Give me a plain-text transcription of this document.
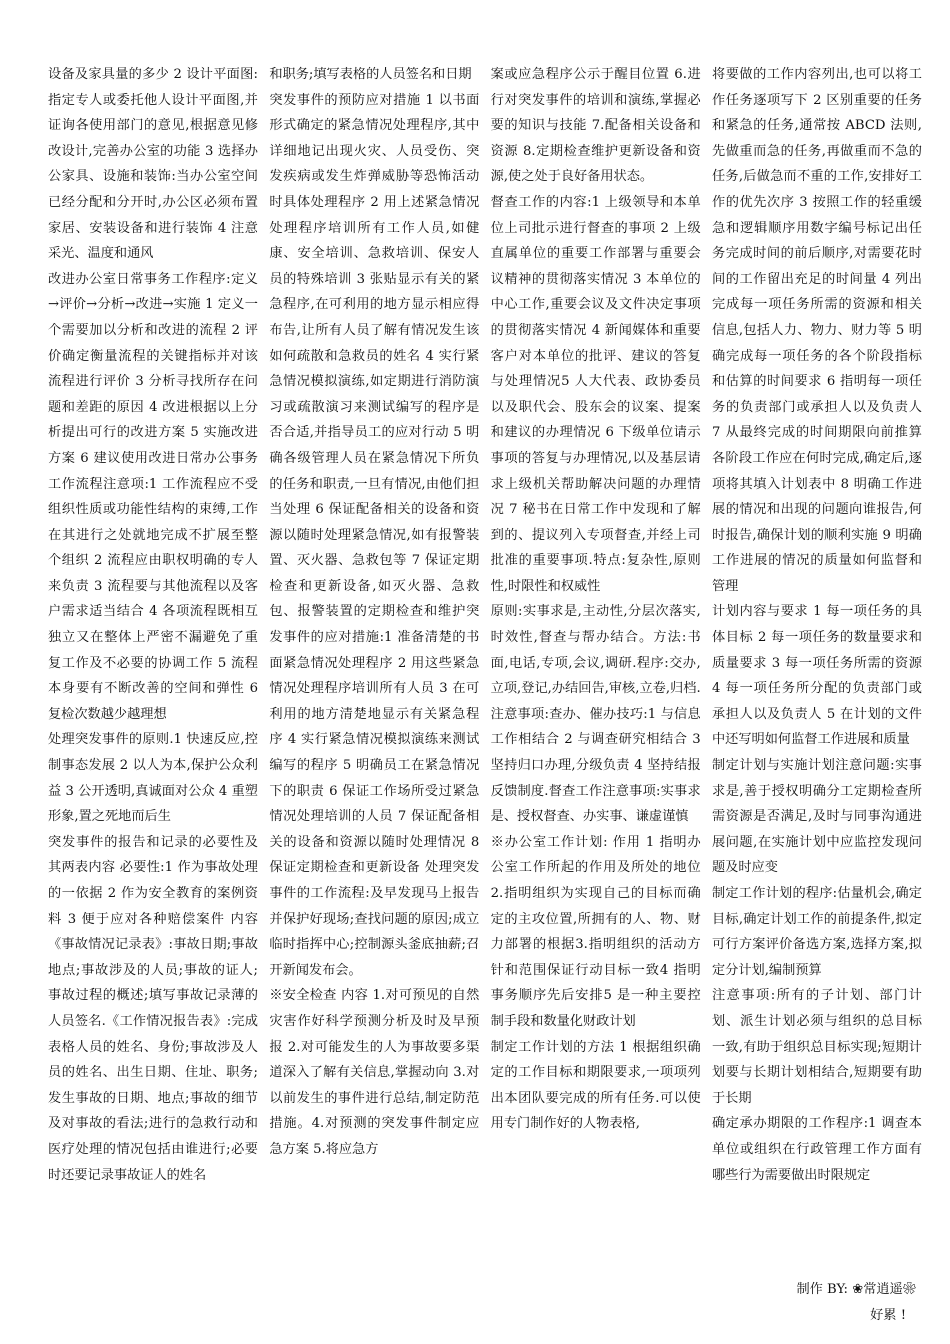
设备及家具量的多少 2 设计平面图:指定专人或委托他人设计平面图,并证询各使用部门的意见,根据意见修改设计,完善办公室的功能 3 选择办公家具、设施和装饰:当办公室空间已经分配和分开时,办公区必须布置家居、安装设备和进行装饰 4 注意采光、温度和通风

改进办公室日常事务工作程序:定义→评价→分析→改进→实施 1 定义一个需要加以分析和改进的流程 2 评价确定衡量流程的关键指标并对该流程进行评价 3 分析寻找所存在问题和差距的原因 4 改进根据以上分析提出可行的改进方案 5 实施改进方案 6 建议使用改进日常办公事务工作流程注意项:1 工作流程应不受组织性质或功能性结构的束缚,工作在其进行之处就地完成不扩展至整个组织 2 流程应由职权明确的专人来负责 3 流程要与其他流程以及客户需求适当结合 4 各项流程既相互独立又在整体上严密不漏避免了重复工作及不必要的协调工作 5 流程本身要有不断改善的空间和弹性 6 复检次数越少越理想

处理突发事件的原则.1 快速反应,控制事态发展 2 以人为本,保护公众利益 3 公开透明,真诚面对公众 4 重塑形象,置之死地而后生

突发事件的报告和记录的必要性及其两表内容 必要性:1 作为事故处理的一依据 2 作为安全教育的案例资料 3 便于应对各种赔偿案件 内容《事故情况记录表》:事故日期;事故地点;事故涉及的人员;事故的证人;事故过程的概述;填写事故记录薄的人员签名.《工作情况报告表》:完成表格人员的姓名、身份;事故涉及人员的姓名、出生日期、住址、职务;发生事故的日期、地点;事故的细节及对事故的看法;进行的急救行动和医疗处理的情况包括由谁进行;必要时还要记录事故证人的姓名

和职务;填写表格的人员签名和日期

突发事件的预防应对措施 1 以书面形式确定的紧急情况处理程序,其中详细地记出现火灾、人员受伤、突发疾病或发生炸弹威胁等恐怖活动时具体处理程序 2 用上述紧急情况处理程序培训所有工作人员,如健康、安全培训、急救培训、保安人员的特殊培训 3 张贴显示有关的紧急程序,在可利用的地方显示相应得布告,让所有人员了解有情况发生该如何疏散和急救员的姓名 4 实行紧急情况模拟演练,如定期进行消防演习或疏散演习来测试编写的程序是否合适,并指导员工的应对行动 5 明确各级管理人员在紧急情况下所负的任务和职责,一旦有情况,由他们担当处理 6 保证配备相关的设备和资源以随时处理紧急情况,如有报警装置、灭火器、急救包等 7 保证定期检查和更新设备,如灭火器、急救包、报警装置的定期检查和维护突发事件的应对措施:1 准备清楚的书面紧急情况处理程序 2 用这些紧急情况处理程序培训所有人员 3 在可利用的地方清楚地显示有关紧急程序 4 实行紧急情况模拟演练来测试编写的程序 5 明确员工在紧急情况下的职责 6 保证工作场所受过紧急情况处理培训的人员 7 保证配备相关的设备和资源以随时处理情况 8 保证定期检查和更新设备 处理突发事件的工作流程:及早发现马上报告并保护好现场;查找问题的原因;成立临时指挥中心;控制源头釜底抽薪;召开新闻发布会。

※安全检查 内容 1.对可预见的自然灾害作好科学预测分析及时及早预报 2.对可能发生的人为事故要多渠道深入了解有关信息,掌握动向 3.对以前发生的事件进行总结,制定防范措施。4.对预测的突发事件制定应急方案 5.将应急方

案或应急程序公示于醒目位置 6.进行对突发事件的培训和演练,掌握必要的知识与技能 7.配备相关设备和资源 8.定期检查维护更新设备和资源,使之处于良好备用状态。

督查工作的内容:1 上级领导和本单位上司批示进行督查的事项 2 上级直属单位的重要工作部署与重要会议精神的贯彻落实情况 3 本单位的中心工作,重要会议及文件决定事项的贯彻落实情况 4 新闻媒体和重要客户对本单位的批评、建议的答复与处理情况5 人大代表、政协委员以及职代会、股东会的议案、提案和建议的办理情况 6 下级单位请示事项的答复与办理情况,以及基层请求上级机关帮助解决问题的办理情况 7 秘书在日常工作中发现和了解到的、提议列入专项督查,并经上司批准的重要事项.特点:复杂性,原则性,时限性和权威性

原则:实事求是,主动性,分层次落实,时效性,督查与帮办结合。方法:书面,电话,专项,会议,调研.程序:交办,立项,登记,办结回告,审核,立卷,归档.注意事项:查办、催办技巧:1 与信息工作相结合 2 与调查研究相结合 3 坚持归口办理,分级负责 4 坚持结报反馈制度.督查工作注意事项:实事求是、授权督查、办实事、谦虚谨慎

※办公室工作计划: 作用 1 指明办公室工作所起的作用及所处的地位 2.指明组织为实现自己的目标而确定的主攻位置,所拥有的人、物、财力部署的根据3.指明组织的活动方针和范围保证行动目标一致4 指明事务顺序先后安排5 是一种主要控制手段和数量化财政计划

制定工作计划的方法 1 根据组织确定的工作目标和期限要求,一项项列出本团队要完成的所有任务.可以使用专门制作好的人物表格,

将要做的工作内容列出,也可以将工作任务逐项写下 2 区别重要的任务和紧急的任务,通常按 ABCD 法则,先做重而急的任务,再做重而不急的任务,后做急而不重的工作,安排好工作的优先次序 3 按照工作的轻重缓急和逻辑顺序用数字编号标记出任务完成时间的前后顺序,对需要花时间的工作留出充足的时间量 4 列出完成每一项任务所需的资源和相关信息,包括人力、物力、财力等 5 明确完成每一项任务的各个阶段指标和估算的时间要求 6 指明每一项任务的负责部门或承担人以及负责人 7 从最终完成的时间期限向前推算各阶段工作应在何时完成,确定后,逐项将其填入计划表中 8 明确工作进展的情况和出现的问题向谁报告,何时报告,确保计划的顺利实施 9 明确工作进展的情况的质量如何监督和管理

计划内容与要求 1 每一项任务的具体目标 2 每一项任务的数量要求和质量要求 3 每一项任务所需的资源 4 每一项任务所分配的负责部门或承担人以及负责人 5 在计划的文件中还写明如何监督工作进展和质量

制定计划与实施计划注意问题:实事求是,善于授权明确分工定期检查所需资源是否满足,及时与同事沟通进展问题,在实施计划中应监控发现问题及时应变

制定工作计划的程序:估量机会,确定目标,确定计划工作的前提条件,拟定可行方案评价备选方案,选择方案,拟定分计划,编制预算

注意事项:所有的子计划、部门计划、派生计划必须与组织的总目标一致,有助于组织总目标实现;短期计划要与长期计划相结合,短期要有助于长期

确定承办期限的工作程序:1 调查本单位或组织在行政管理工作方面有哪些行为需要做出时限规定

制作 BY: ❀常逍遥❀
好累 !
